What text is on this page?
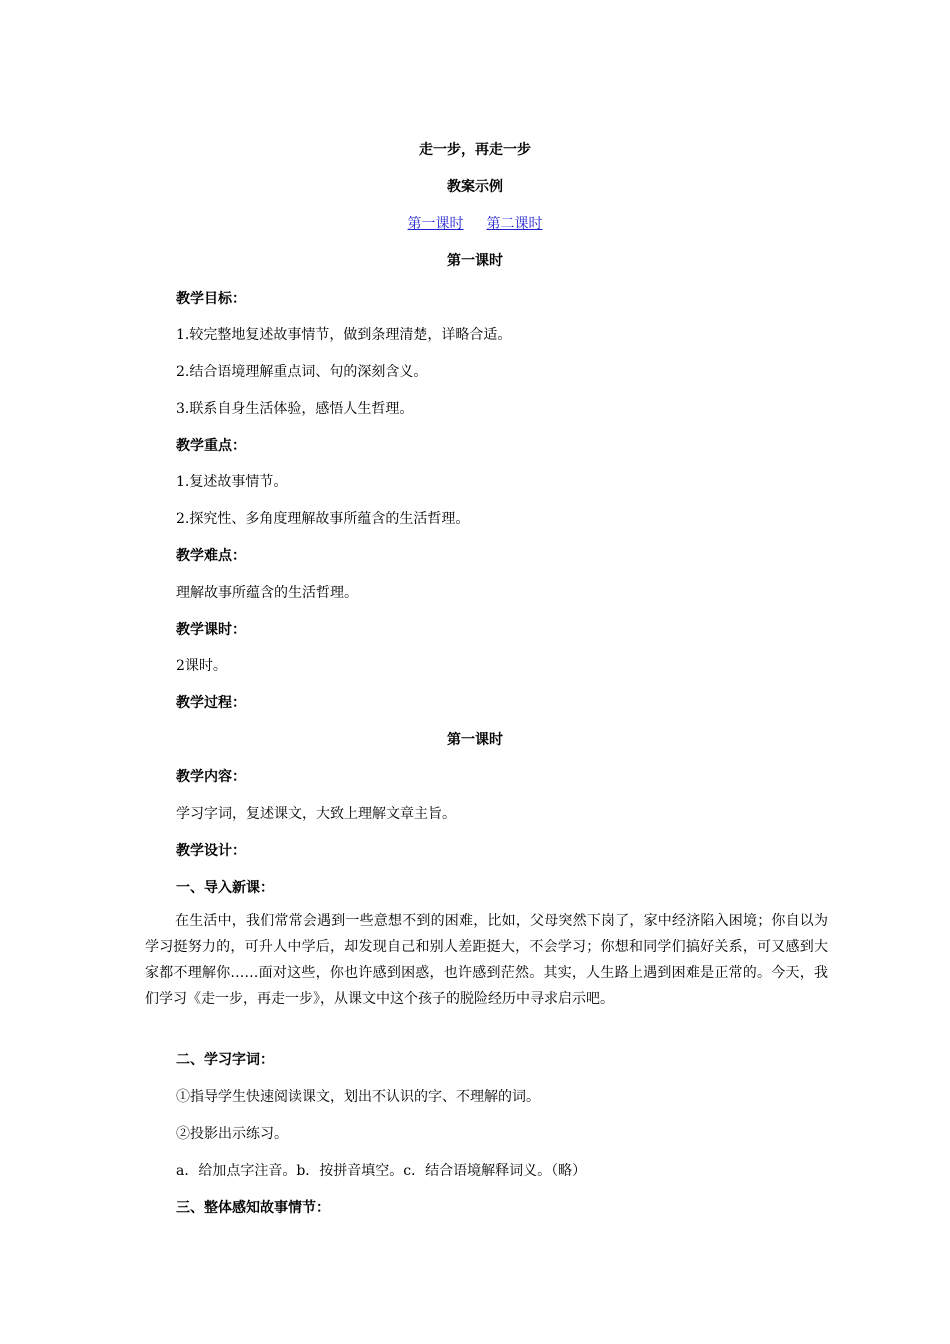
走一步，再走一步
教案示例
第一课时 第二课时
第一课时
教学目标：
1.较完整地复述故事情节，做到条理清楚，详略合适。
2.结合语境理解重点词、句的深刻含义。
3.联系自身生活体验，感悟人生哲理。
教学重点：
1.复述故事情节。
2.探究性、多角度理解故事所蕴含的生活哲理。
教学难点：
理解故事所蕴含的生活哲理。
教学课时：
2课时。
教学过程：
第一课时
教学内容：
学习字词，复述课文，大致上理解文章主旨。
教学设计：
一、导入新课：
在生活中，我们常常会遇到一些意想不到的困难，比如，父母突然下岗了，家中经济陷入困境；你自以为学习挺努力的，可升人中学后，却发现自己和别人差距挺大，不会学习；你想和同学们搞好关系，可又感到大家都不理解你……面对这些，你也许感到困惑，也许感到茫然。其实，人生路上遇到困难是正常的。今天，我们学习《走一步，再走一步》，从课文中这个孩子的脱险经历中寻求启示吧。
二、学习字词：
①指导学生快速阅读课文，划出不认识的字、不理解的词。
②投影出示练习。
a．给加点字注音。b．按拼音填空。c．结合语境解释词义。（略）
三、整体感知故事情节：
